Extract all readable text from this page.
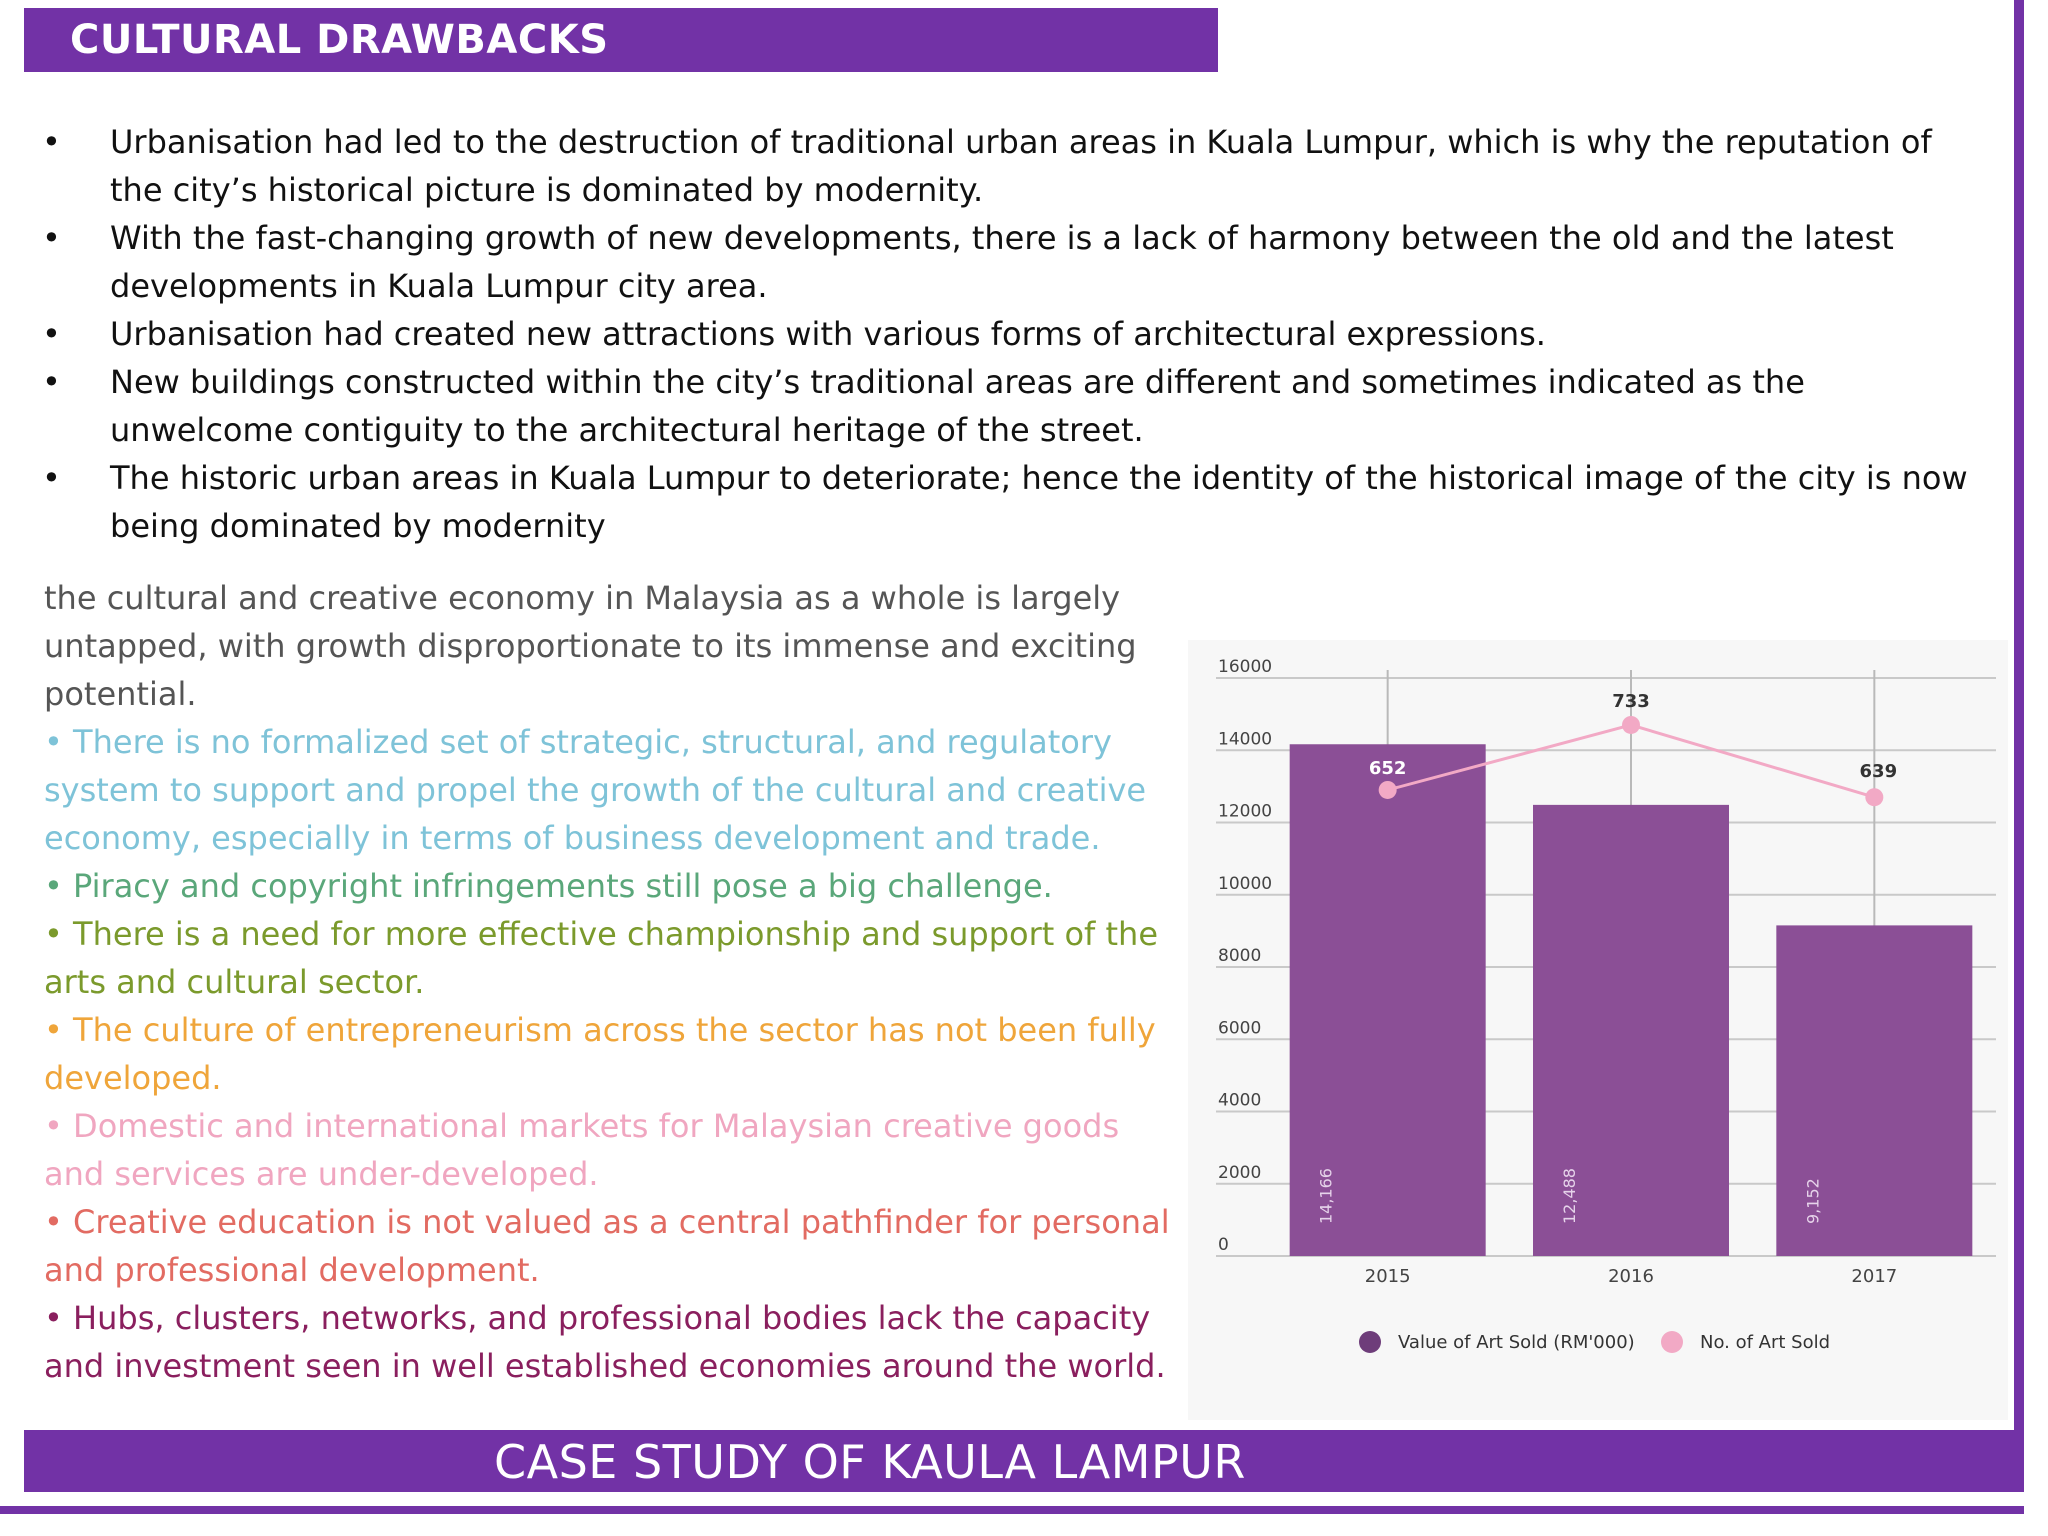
CULTURAL DRAWBACKS
• Urbanisation had led to the destruction of traditional urban areas in Kuala Lumpur, which is why the reputation of the city’s historical picture is dominated by modernity.
• With the fast-changing growth of new developments, there is a lack of harmony between the old and the latest developments in Kuala Lumpur city area.
• Urbanisation had created new attractions with various forms of architectural expressions.
• New buildings constructed within the city’s traditional areas are different and sometimes indicated as the unwelcome contiguity to the architectural heritage of the street.
• The historic urban areas in Kuala Lumpur to deteriorate; hence the identity of the historical image of the city is now being dominated by modernity

the cultural and creative economy in Malaysia as a whole is largely untapped, with growth disproportionate to its immense and exciting potential.

• There is no formalized set of strategic, structural, and regulatory system to support and propel the growth of the cultural and creative economy, especially in terms of business development and trade.

• Piracy and copyright infringements still pose a big challenge.

• There is a need for more effective championship and support of the arts and cultural sector.

• The culture of entrepreneurism across the sector has not been fully developed.

• Domestic and international markets for Malaysian creative goods and services are under-developed.

• Creative education is not valued as a central pathfinder for personal and professional development.

• Hubs, clusters, networks, and professional bodies lack the capacity and investment seen in well established economies around the world.

0
2000
4000
6000
8000
10000
12000
14000
16000
14,166	12,488	9,152
2015	2016	2017
652
733
639
Value of Art Sold (RM'000)	No. of Art Sold
CASE STUDY OF KAULA LAMPUR
